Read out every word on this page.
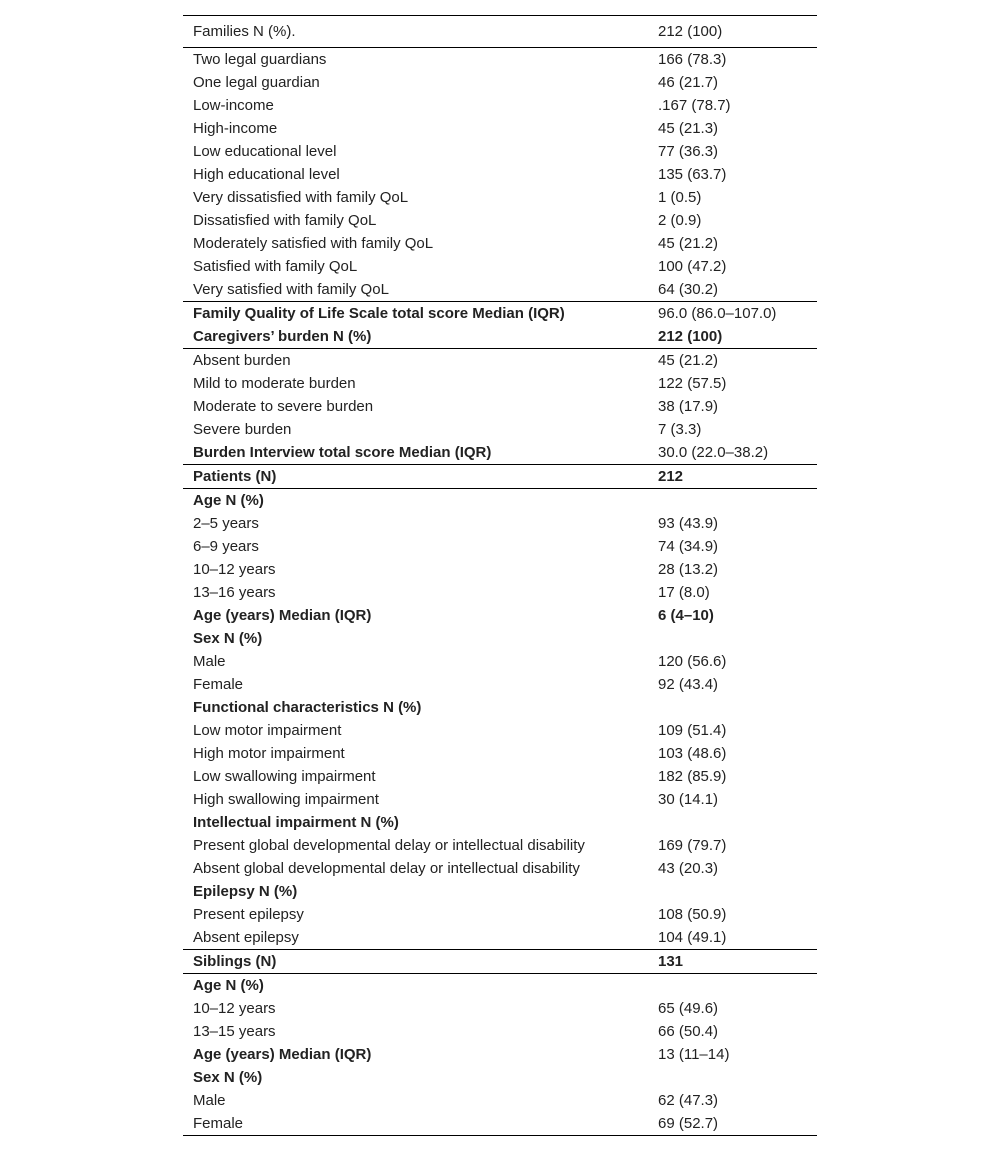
Families N (%).	212 (100)
Two legal guardians	166 (78.3)
One legal guardian	46 (21.7)
Low-income	.167 (78.7)
High-income	45 (21.3)
Low educational level	77 (36.3)
High educational level	135 (63.7)
Very dissatisfied with family QoL	1 (0.5)
Dissatisfied with family QoL	2 (0.9)
Moderately satisfied with family QoL	45 (21.2)
Satisfied with family QoL	100 (47.2)
Very satisfied with family QoL	64 (30.2)
Family Quality of Life Scale total score Median (IQR)	96.0 (86.0–107.0)
Caregivers’ burden N (%)	212 (100)
Absent burden	45 (21.2)
Mild to moderate burden	122 (57.5)
Moderate to severe burden	38 (17.9)
Severe burden	7 (3.3)
Burden Interview total score Median (IQR)	30.0 (22.0–38.2)
Patients (N)	212
Age N (%)	
2–5 years	93 (43.9)
6–9 years	74 (34.9)
10–12 years	28 (13.2)
13–16 years	17 (8.0)
Age (years) Median (IQR)	6 (4–10)
Sex N (%)	
Male	120 (56.6)
Female	92 (43.4)
Functional characteristics N (%)	
Low motor impairment	109 (51.4)
High motor impairment	103 (48.6)
Low swallowing impairment	182 (85.9)
High swallowing impairment	30 (14.1)
Intellectual impairment N (%)	
Present global developmental delay or intellectual disability	169 (79.7)
Absent global developmental delay or intellectual disability	43 (20.3)
Epilepsy N (%)	
Present epilepsy	108 (50.9)
Absent epilepsy	104 (49.1)
Siblings (N)	131
Age N (%)	
10–12 years	65 (49.6)
13–15 years	66 (50.4)
Age (years) Median (IQR)	13 (11–14)
Sex N (%)	
Male	62 (47.3)
Female	69 (52.7)
